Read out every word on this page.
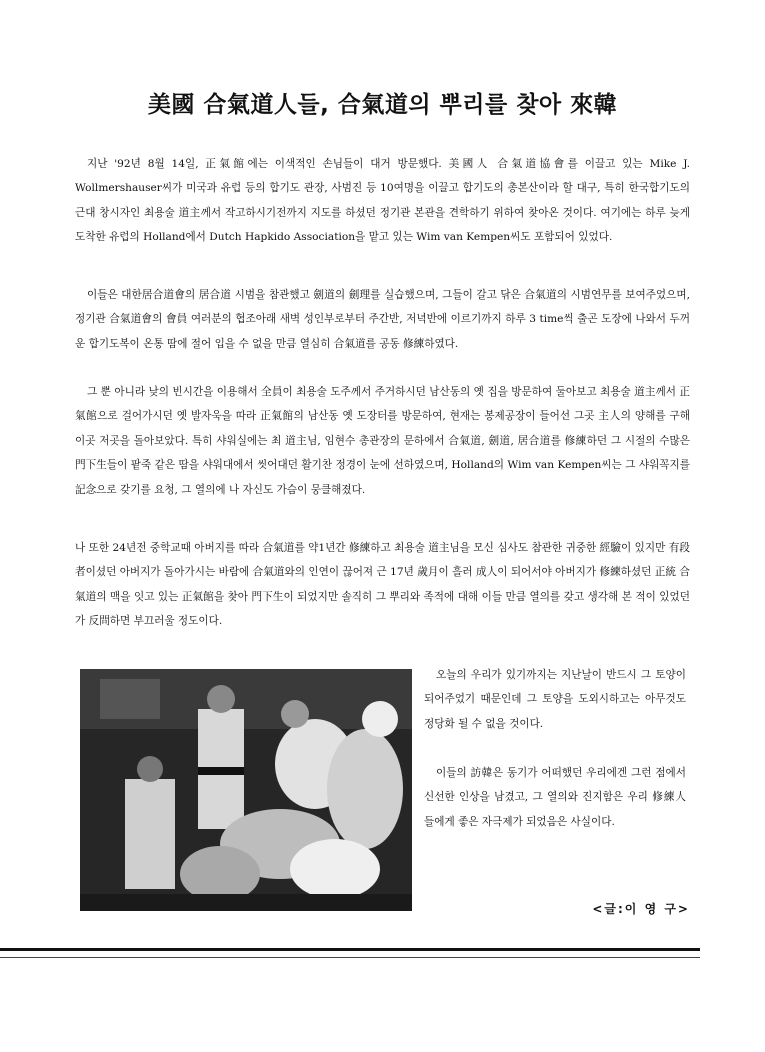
美國 合氣道人들, 合氣道의 뿌리를 찾아 來韓

지난 '92년 8월 14일, 正氣館에는 이색적인 손님들이 대거 방문했다. 美國人 合氣道協會를 이끌고 있는 Mike J. Wollmershauser씨가 미국과 유럽 등의 합기도 관장, 사범진 등 10여명을 이끌고 합기도의 총본산이라 할 대구, 특히 한국합기도의 근대 창시자인 최용술 道主께서 작고하시기전까지 지도를 하셨던 정기관 본관을 견학하기 위하여 찾아온 것이다. 여기에는 하루 늦게 도착한 유럽의 Holland에서 Dutch Hapkido Association을 맡고 있는 Wim van Kempen씨도 포함되어 있었다.

이들은 대한居合道會의 居合道 시범을 참관했고 劍道의 劍理를 실습했으며, 그들이 갈고 닦은 合氣道의 시범연무를 보여주었으며, 정기관 合氣道會의 會員 여러분의 협조아래 새벽 성인부로부터 주간반, 저녁반에 이르기까지 하루 3 time씩 출곤 도장에 나와서 두꺼운 합기도복이 온통 땀에 절어 입을 수 없을 만큼 열심히 合氣道를 공동 修練하였다.

그 뿐 아니라 낮의 빈시간을 이용해서 全員이 최용술 도주께서 주거하시던 남산동의 옛 집을 방문하여 둘아보고 최용술 道主께서 正氣館으로 걸어가시던 옛 발자욱을 따라 正氣館의 남산동 옛 도장터를 방문하여, 현재는 봉제공장이 들어선 그곳 主人의 양해를 구해 이곳 저곳을 돌아보았다. 특히 샤워실에는 최 道主님, 임현수 총관장의 문하에서 合氣道, 劍道, 居合道를 修練하던 그 시절의 수많은 門下生들이 팥죽 같은 땀을 샤워대에서 씻어대던 활기찬 정경이 눈에 선하였으며, Holland의 Wim van Kempen씨는 그 샤워꼭지를 記念으로 갖기를 요청, 그 열의에 나 자신도 가슴이 뭉클해졌다.

나 또한 24년전 중학교때 아버지를 따라 合氣道를 약1년간 修練하고 최용술 道主님을 모신 심사도 참관한 귀중한 經驗이 있지만 有段者이셨던 아버지가 돌아가시는 바람에 合氣道와의 인연이 끊어져 근 17년 歲月이 흘러 成人이 되어서야 아버지가 修練하셨던 正統 合氣道의 맥을 잇고 있는 正氣館을 찾아 門下生이 되었지만 솔직히 그 뿌리와 족적에 대해 이들 만큼 열의를 갖고 생각해 본 적이 있었던가 反問하면 부끄러울 정도이다.

오늘의 우리가 있기까지는 지난날이 반드시 그 토양이 되어주었기 때문인데 그 토양을 도외시하고는 아무것도 정당화 될 수 없을 것이다.

이들의 訪韓은 동기가 어떠했던 우리에겐 그런 점에서 신선한 인상을 남겼고, 그 열의와 진지함은 우리 修練人들에게 좋은 자극제가 되었음은 사실이다.

<글:이 영 구>
